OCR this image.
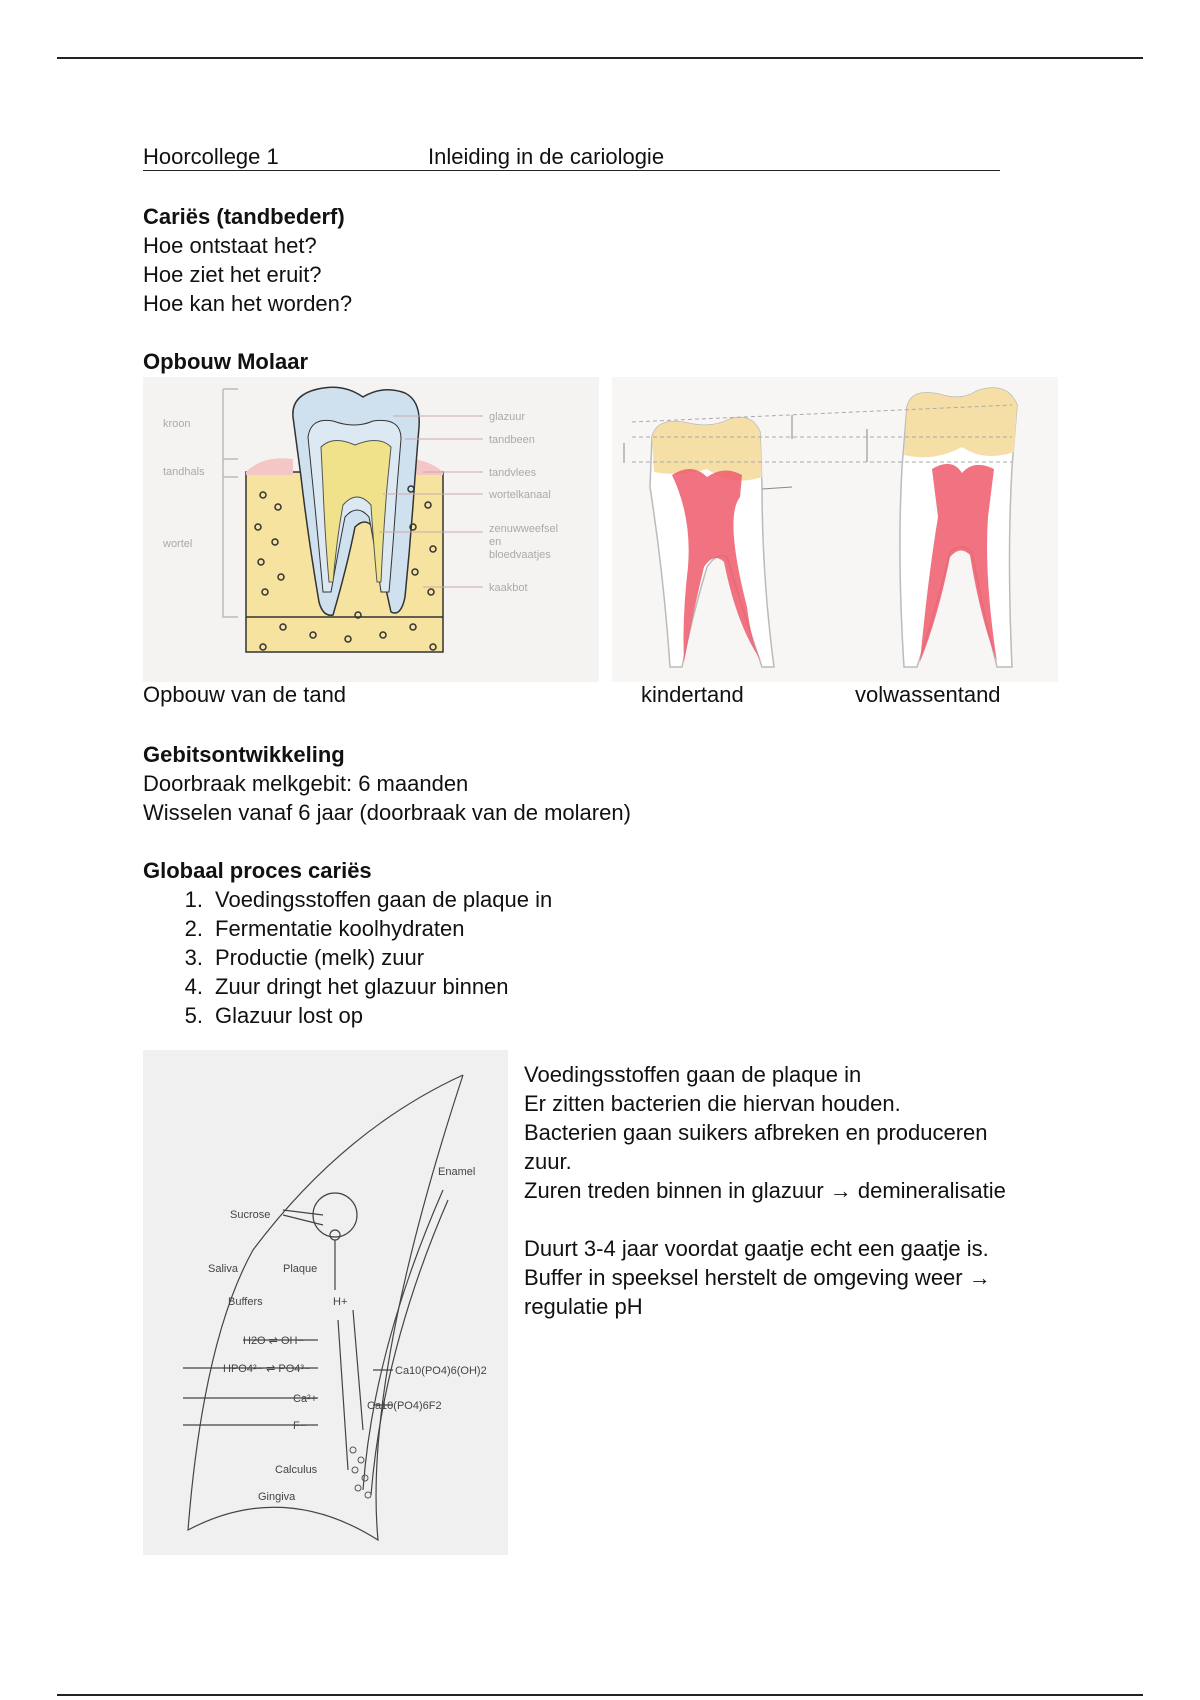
Hoorcollege 1	Inleiding in de cariologie
Cariës (tandbederf)
Hoe ontstaat het?
Hoe ziet het eruit?
Hoe kan het worden?
Opbouw Molaar
kroon
tandhals
wortel
glazuur
tandbeen
tandvlees
wortelkanaal
zenuwweefsel
en
bloedvaatjes
kaakbot
Opbouw van de tand	kindertand	volwassentand
Gebitsontwikkeling
Doorbraak melkgebit: 6 maanden
Wisselen vanaf 6 jaar (doorbraak van de molaren)
Globaal proces cariës
1. Voedingsstoffen gaan de plaque in
2. Fermentatie koolhydraten
3. Productie (melk) zuur
4. Zuur dringt het glazuur binnen
5. Glazuur lost op
Enamel
Sucrose
Saliva	Plaque
Buffers	H+
H2O ⇌ OH−
HPO4²− ⇌ PO4³−
Ca²+
F−
Ca10(PO4)6(OH)2
Ca10(PO4)6F2
Calculus
Gingiva
Voedingsstoffen gaan de plaque in
Er zitten bacterien die hiervan houden.
Bacterien gaan suikers afbreken en produceren
zuur.
Zuren treden binnen in glazuur → demineralisatie
Duurt 3-4 jaar voordat gaatje echt een gaatje is.
Buffer in speeksel herstelt de omgeving weer →
regulatie pH
